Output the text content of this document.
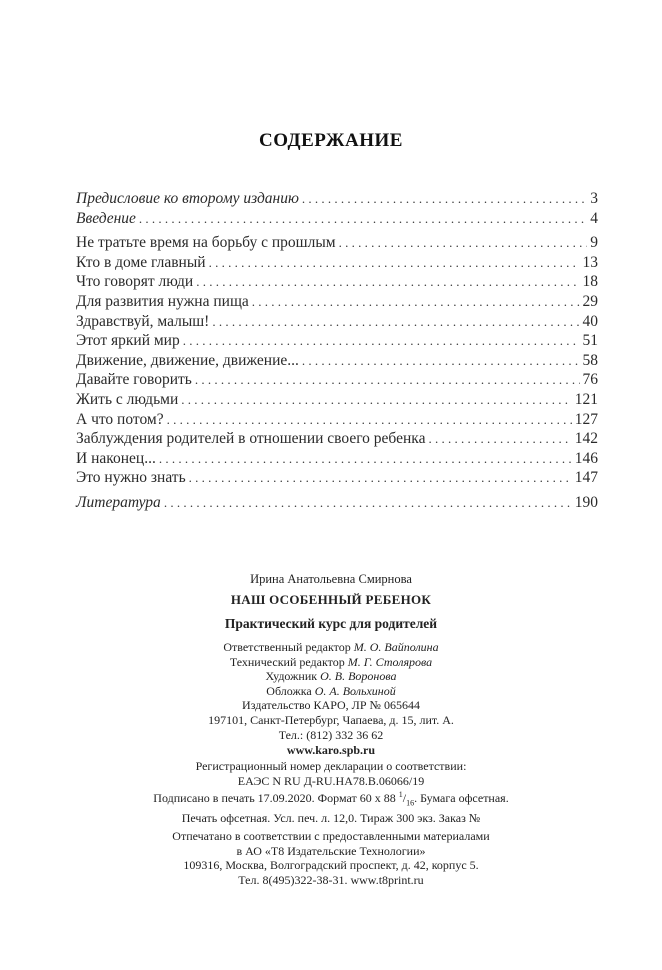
СОДЕРЖАНИЕ
Предисловие ко второму изданию . . .	3
Введение . . .	4
Не тратьте время на борьбу с прошлым . . .	9
Кто в доме главный . . .	13
Что говорят люди . . .	18
Для развития нужна пища . . .	29
Здравствуй, малыш! . . .	40
Этот яркий мир . . .	51
Движение, движение, движение... . . .	58
Давайте говорить . . .	76
Жить с людьми . . .	121
А что потом? . . .	127
Заблуждения родителей в отношении своего ребенка . . .	142
И наконец... . . .	146
Это нужно знать . . .	147
Литература . . .	190
Ирина Анатольевна Смирнова
НАШ ОСОБЕННЫЙ РЕБЕНОК
Практический курс для родителей
Ответственный редактор М. О. Вайполина
Технический редактор М. Г. Столярова
Художник О. В. Воронова
Обложка О. А. Вольхиной
Издательство КАРО, ЛР № 065644
197101, Санкт-Петербург, Чапаева, д. 15, лит. А.
Тел.: (812) 332 36 62
www.karo.spb.ru
Регистрационный номер декларации о соответствии:
ЕАЭС N RU Д-RU.HA78.B.06066/19
Подписано в печать 17.09.2020. Формат 60 x 88 $^1/_{16}$. Бумага офсетная.
Печать офсетная. Усл. печ. л. 12,0. Тираж 300 экз. Заказ №
Отпечатано в соответствии с предоставленными материалами
в АО «Т8 Издательские Технологии»
109316, Москва, Волгоградский проспект, д. 42, корпус 5.
Тел. 8(495)322-38-31. www.t8print.ru
